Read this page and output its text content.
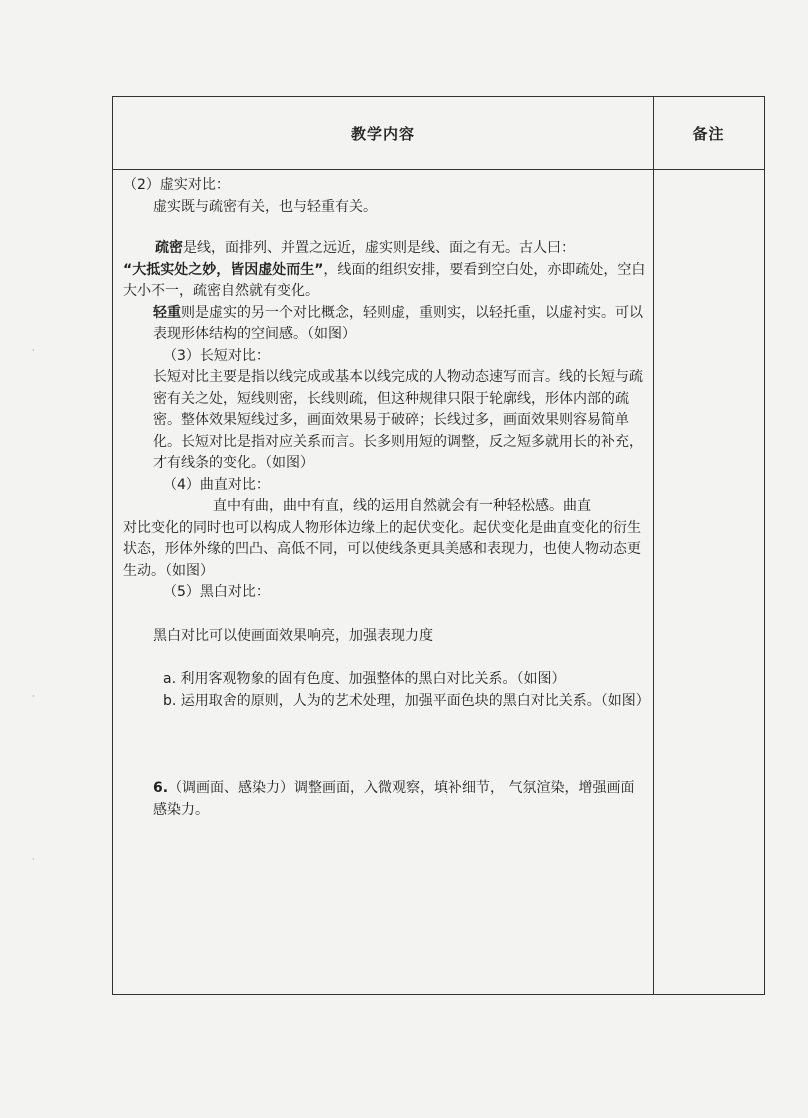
·
·
·
教学内容	备注

（2）虚实对比：

虚实既与疏密有关，也与轻重有关。

疏密是线，面排列、并置之远近，虚实则是线、面之有无。古人曰：

“大抵实处之妙，皆因虚处而生”，线面的组织安排，要看到空白处，亦即疏处，空白大小不一，疏密自然就有变化。

轻重则是虚实的另一个对比概念，轻则虚，重则实，以轻托重，以虚衬实。可以表现形体结构的空间感。（如图）

（3）长短对比：

长短对比主要是指以线完成或基本以线完成的人物动态速写而言。线的长短与疏密有关之处，短线则密，长线则疏，但这种规律只限于轮廓线，形体内部的疏密。整体效果短线过多，画面效果易于破碎；长线过多，画面效果则容易简单化。长短对比是指对应关系而言。长多则用短的调整，反之短多就用长的补充，才有线条的变化。（如图）

（4）曲直对比：

直中有曲，曲中有直，线的运用自然就会有一种轻松感。曲直

对比变化的同时也可以构成人物形体边缘上的起伏变化。起伏变化是曲直变化的衍生状态，形体外缘的凹凸、高低不同，可以使线条更具美感和表现力，也使人物动态更生动。（如图）

（5）黑白对比：

黑白对比可以使画面效果响亮，加强表现力度

a. 利用客观物象的固有色度、加强整体的黑白对比关系。（如图）

b. 运用取舍的原则，人为的艺术处理，加强平面色块的黑白对比关系。（如图）

6.（调画面、感染力）调整画面，入微观察，填补细节， 气氛渲染，增强画面感染力。
